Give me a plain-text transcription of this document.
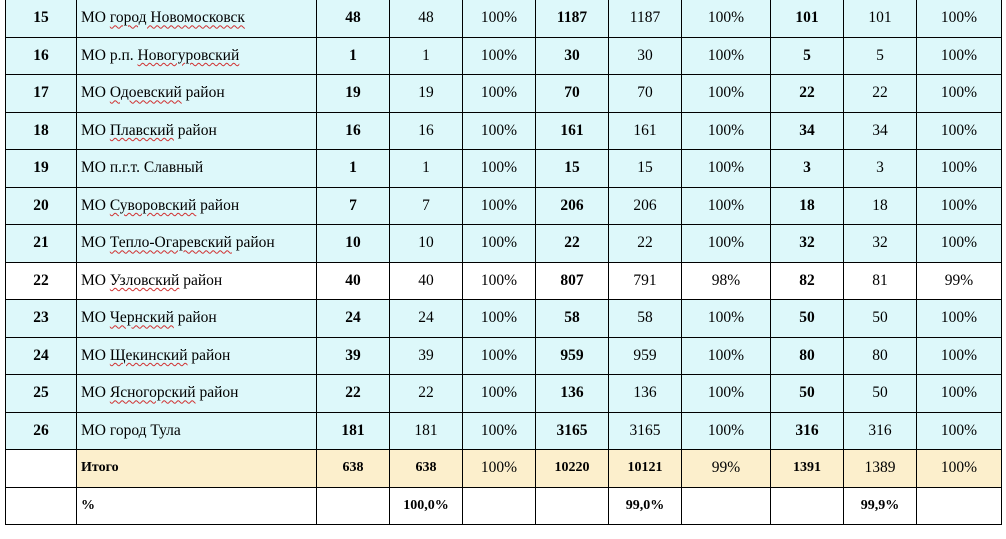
15	МО город Новомосковск	48	48	100%	1187	1187	100%	101	101	100%
16	МО р.п. Новогуровский	1	1	100%	30	30	100%	5	5	100%
17	МО Одоевский район	19	19	100%	70	70	100%	22	22	100%
18	МО Плавский район	16	16	100%	161	161	100%	34	34	100%
19	МО п.г.т. Славный	1	1	100%	15	15	100%	3	3	100%
20	МО Суворовский район	7	7	100%	206	206	100%	18	18	100%
21	МО Тепло-Огаревский район	10	10	100%	22	22	100%	32	32	100%
22	МО Узловский район	40	40	100%	807	791	98%	82	81	99%
23	МО Чернский район	24	24	100%	58	58	100%	50	50	100%
24	МО Щекинский район	39	39	100%	959	959	100%	80	80	100%
25	МО Ясногорский район	22	22	100%	136	136	100%	50	50	100%
26	МО город Тула	181	181	100%	3165	3165	100%	316	316	100%
	Итого	638	638	100%	10220	10121	99%	1391	1389	100%
	%		100,0%			99,0%			99,9%	
